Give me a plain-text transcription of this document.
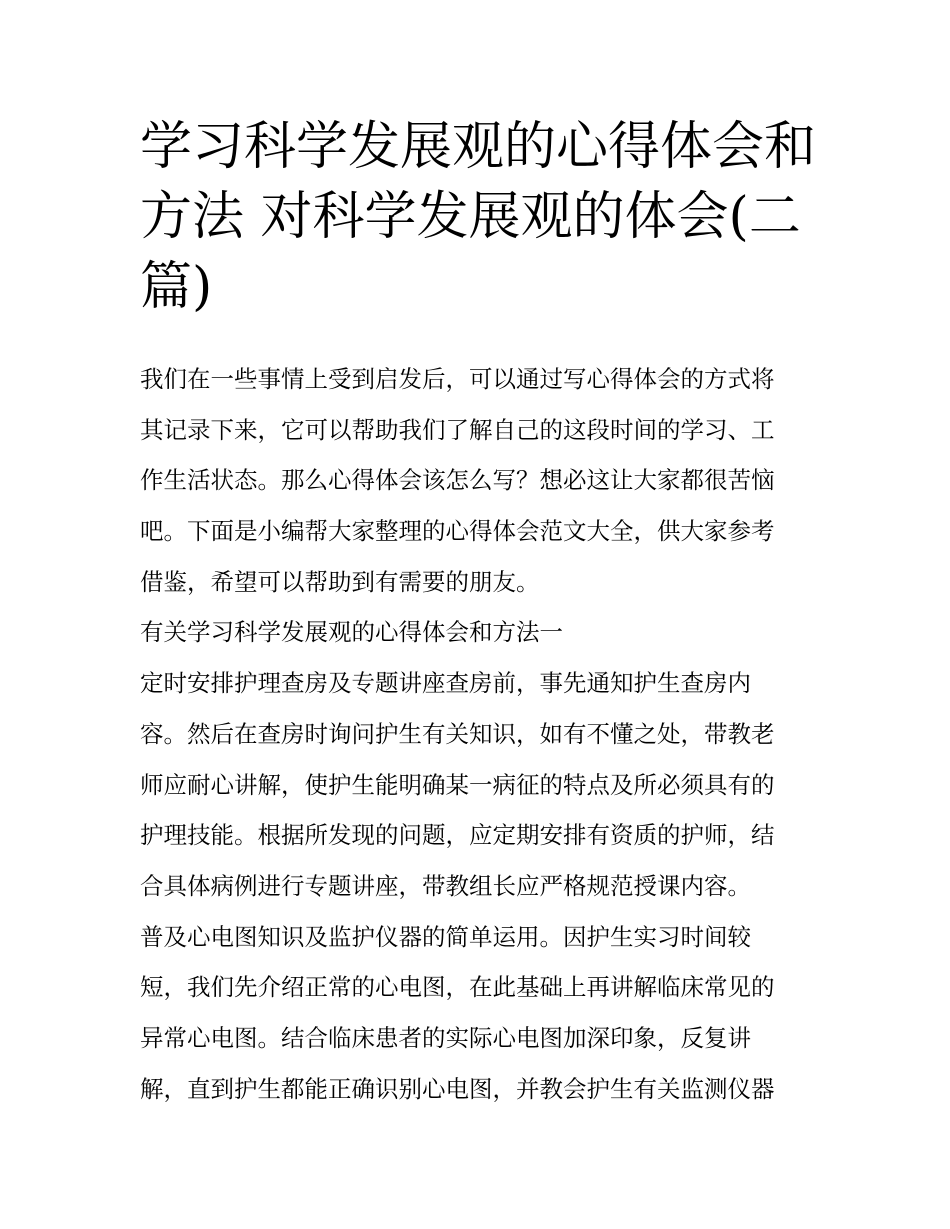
学习科学发展观的心得体会和
方法 对科学发展观的体会(二
篇)
我们在一些事情上受到启发后，可以通过写心得体会的方式将
其记录下来，它可以帮助我们了解自己的这段时间的学习、工
作生活状态。那么心得体会该怎么写？想必这让大家都很苦恼
吧。下面是小编帮大家整理的心得体会范文大全，供大家参考
借鉴，希望可以帮助到有需要的朋友。
有关学习科学发展观的心得体会和方法一
定时安排护理查房及专题讲座查房前，事先通知护生查房内
容。然后在查房时询问护生有关知识，如有不懂之处，带教老
师应耐心讲解，使护生能明确某一病征的特点及所必须具有的
护理技能。根据所发现的问题，应定期安排有资质的护师，结
合具体病例进行专题讲座，带教组长应严格规范授课内容。
普及心电图知识及监护仪器的简单运用。因护生实习时间较
短，我们先介绍正常的心电图，在此基础上再讲解临床常见的
异常心电图。结合临床患者的实际心电图加深印象，反复讲
解，直到护生都能正确识别心电图，并教会护生有关监测仪器
